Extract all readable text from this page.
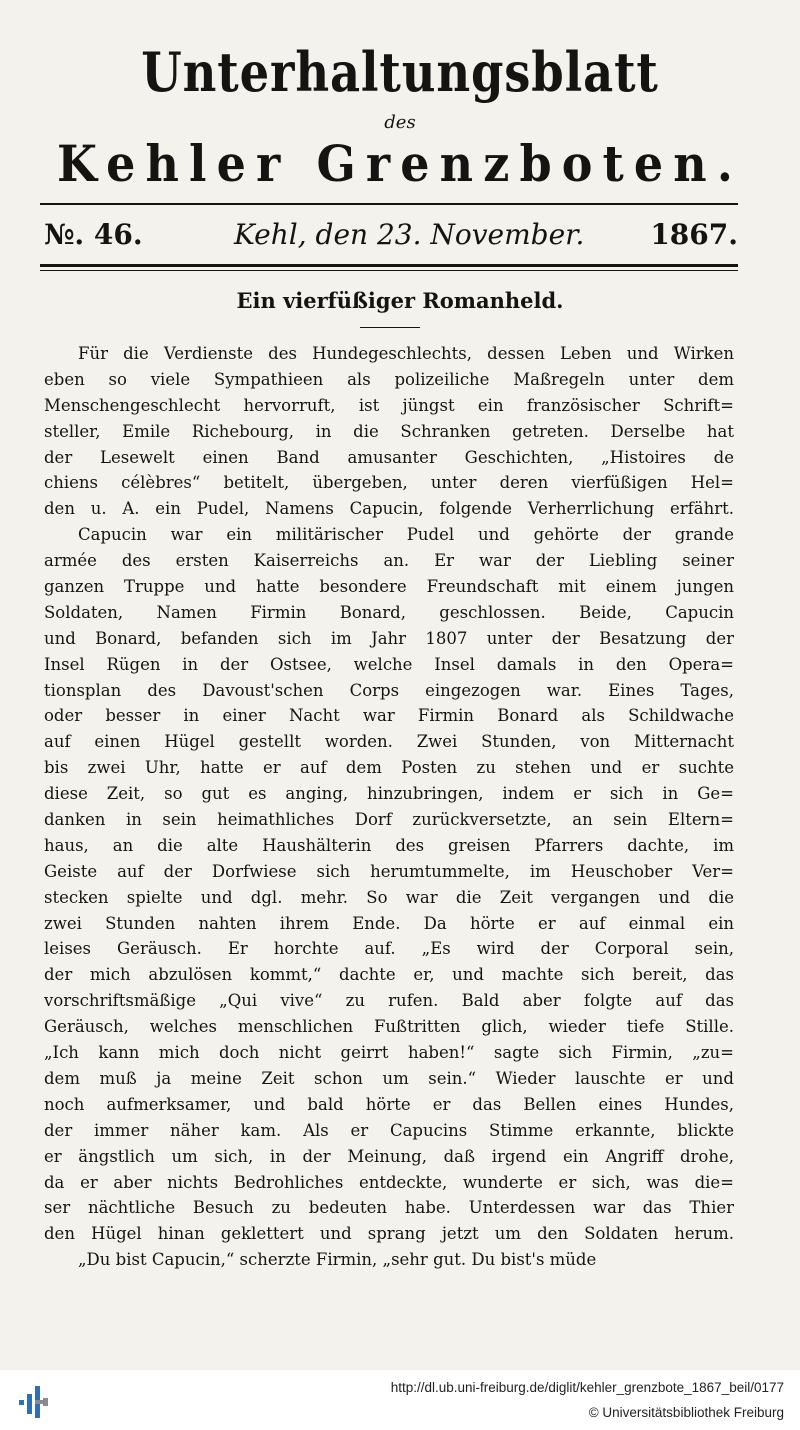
Unterhaltungsblatt
des
Kehler Grenzboten.
№. 46.	Kehl, den 23. November. 1867.
Ein vierfüßiger Romanheld.
Für die Verdienste des Hundegeschlechts, dessen Leben und Wirken
eben so viele Sympathieen als polizeiliche Maßregeln unter dem
Menschengeschlecht hervorruft, ist jüngst ein französischer Schrift=
steller, Emile Richebourg, in die Schranken getreten. Derselbe hat
der Lesewelt einen Band amusanter Geschichten, „Histoires de
chiens célèbres“ betitelt, übergeben, unter deren vierfüßigen Hel=
den u. A. ein Pudel, Namens Capucin, folgende Verherrlichung erfährt.
Capucin war ein militärischer Pudel und gehörte der grande
armée des ersten Kaiserreichs an. Er war der Liebling seiner
ganzen Truppe und hatte besondere Freundschaft mit einem jungen
Soldaten, Namen Firmin Bonard, geschlossen. Beide, Capucin
und Bonard, befanden sich im Jahr 1807 unter der Besatzung der
Insel Rügen in der Ostsee, welche Insel damals in den Opera=
tionsplan des Davoust'schen Corps eingezogen war. Eines Tages,
oder besser in einer Nacht war Firmin Bonard als Schildwache
auf einen Hügel gestellt worden. Zwei Stunden, von Mitternacht
bis zwei Uhr, hatte er auf dem Posten zu stehen und er suchte
diese Zeit, so gut es anging, hinzubringen, indem er sich in Ge=
danken in sein heimathliches Dorf zurückversetzte, an sein Eltern=
haus, an die alte Haushälterin des greisen Pfarrers dachte, im
Geiste auf der Dorfwiese sich herumtummelte, im Heuschober Ver=
stecken spielte und dgl. mehr. So war die Zeit vergangen und die
zwei Stunden nahten ihrem Ende. Da hörte er auf einmal ein
leises Geräusch. Er horchte auf. „Es wird der Corporal sein,
der mich abzulösen kommt,“ dachte er, und machte sich bereit, das
vorschriftsmäßige „Qui vive“ zu rufen. Bald aber folgte auf das
Geräusch, welches menschlichen Fußtritten glich, wieder tiefe Stille.
„Ich kann mich doch nicht geirrt haben!“ sagte sich Firmin, „zu=
dem muß ja meine Zeit schon um sein.“ Wieder lauschte er und
noch aufmerksamer, und bald hörte er das Bellen eines Hundes,
der immer näher kam. Als er Capucins Stimme erkannte, blickte
er ängstlich um sich, in der Meinung, daß irgend ein Angriff drohe,
da er aber nichts Bedrohliches entdeckte, wunderte er sich, was die=
ser nächtliche Besuch zu bedeuten habe. Unterdessen war das Thier
den Hügel hinan geklettert und sprang jetzt um den Soldaten herum.
„Du bist Capucin,“ scherzte Firmin, „sehr gut. Du bist's müde
http://dl.ub.uni-freiburg.de/diglit/kehler_grenzbote_1867_beil/0177
© Universitätsbibliothek Freiburg
